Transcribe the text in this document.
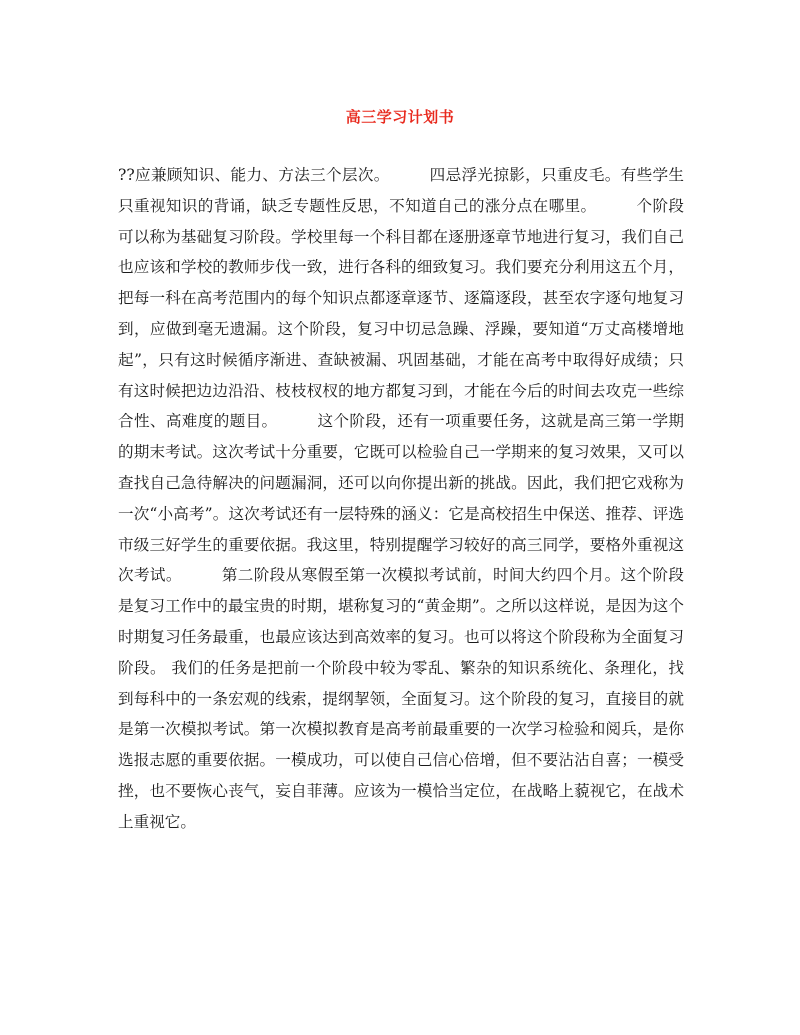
高三学习计划书

??应兼顾知识、能力、方法三个层次。　　　四忌浮光掠影，只重皮毛。有些学生只重视知识的背诵，缺乏专题性反思，不知道自己的涨分点在哪里。　　　个阶段可以称为基础复习阶段。学校里每一个科目都在逐册逐章节地进行复习，我们自己也应该和学校的教师步伐一致，进行各科的细致复习。我们要充分利用这五个月，把每一科在高考范围内的每个知识点都逐章逐节、逐篇逐段，甚至农字逐句地复习到，应做到毫无遗漏。这个阶段，复习中切忌急躁、浮躁，要知道“万丈高楼增地起”，只有这时候循序渐进、查缺被漏、巩固基础，才能在高考中取得好成绩；只有这时候把边边沿沿、枝枝杈杈的地方都复习到，才能在今后的时间去攻克一些综合性、高难度的题目。　　　这个阶段，还有一项重要任务，这就是高三第一学期的期末考试。这次考试十分重要，它既可以检验自己一学期来的复习效果，又可以查找自己急待解决的问题漏洞，还可以向你提出新的挑战。因此，我们把它戏称为一次“小高考”。这次考试还有一层特殊的涵义：它是高校招生中保送、推荐、评选市级三好学生的重要依据。我这里，特别提醒学习较好的高三同学，要格外重视这次考试。　　　第二阶段从寒假至第一次模拟考试前，时间大约四个月。这个阶段是复习工作中的最宝贵的时期，堪称复习的“黄金期”。之所以这样说，是因为这个时期复习任务最重，也最应该达到高效率的复习。也可以将这个阶段称为全面复习阶段。 我们的任务是把前一个阶段中较为零乱、繁杂的知识系统化、条理化，找到每科中的一条宏观的线索，提纲挈领，全面复习。这个阶段的复习，直接目的就是第一次模拟考试。第一次模拟教育是高考前最重要的一次学习检验和阅兵，是你选报志愿的重要依据。一模成功，可以使自己信心倍增，但不要沾沾自喜；一模受挫，也不要恢心丧气，妄自菲薄。应该为一模恰当定位，在战略上藐视它，在战术上重视它。
